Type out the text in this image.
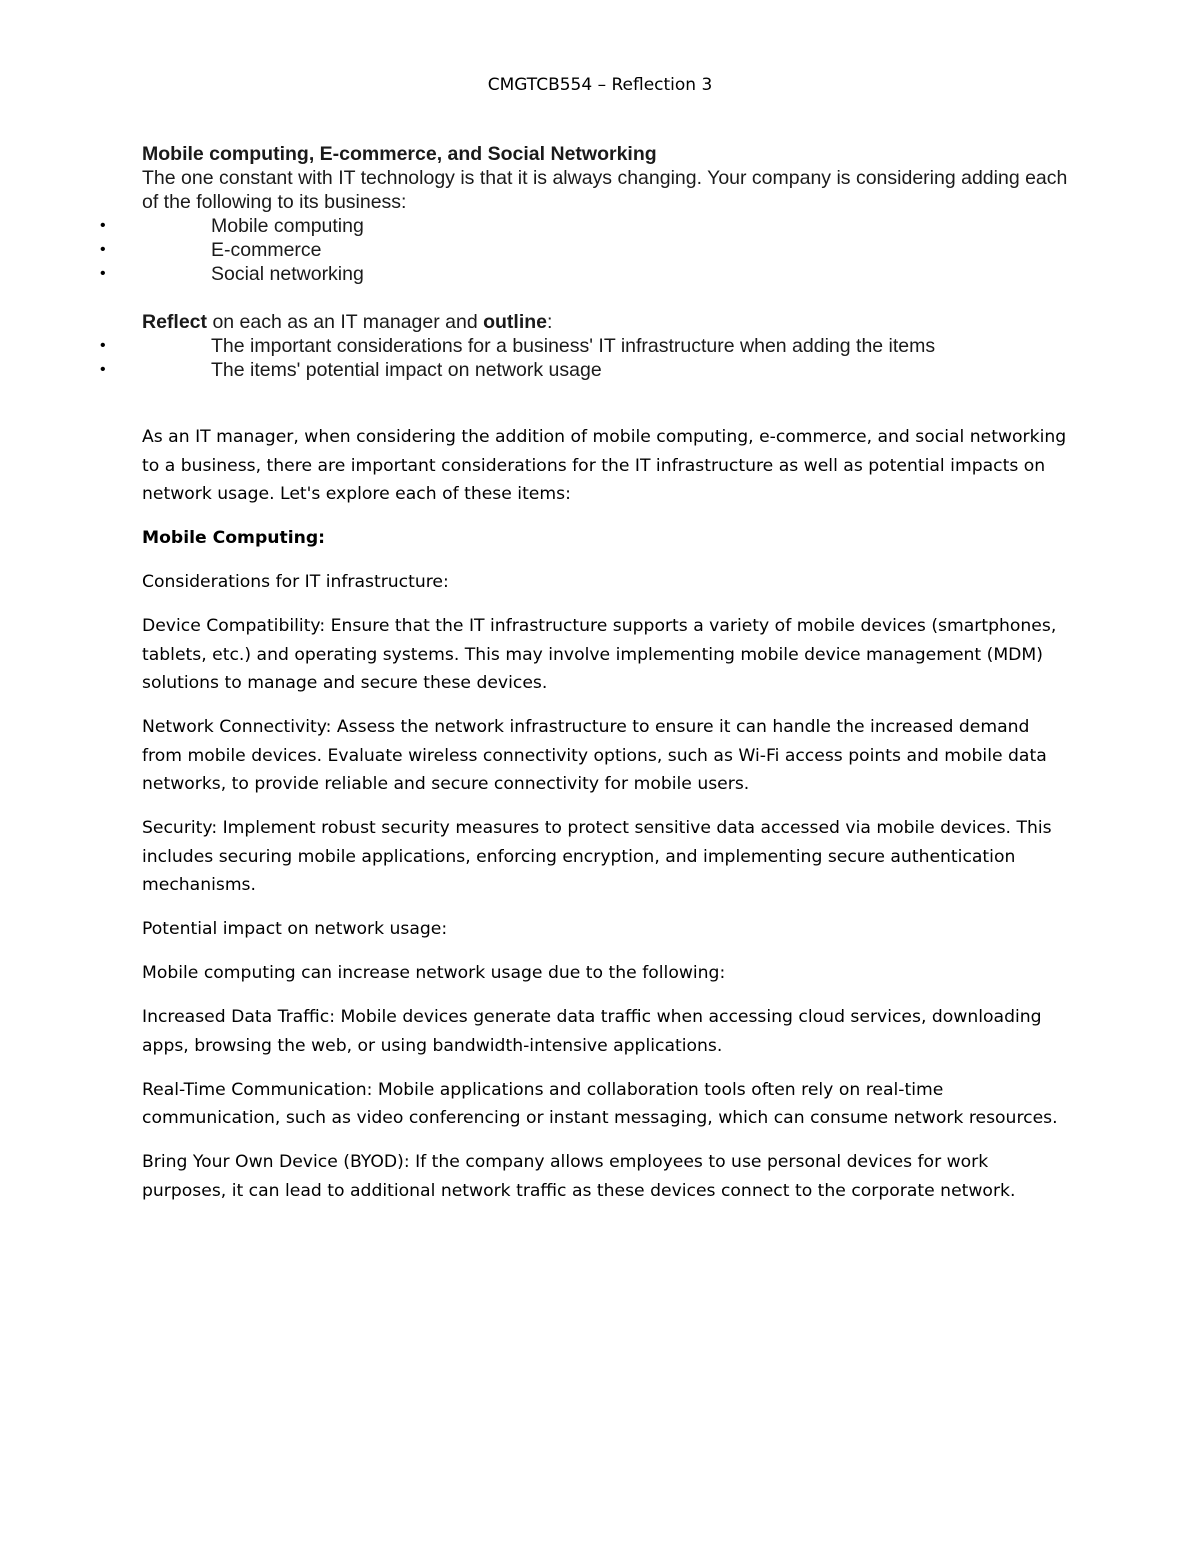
CMGTCB554 – Reflection 3

Mobile computing, E-commerce, and Social Networking

The one constant with IT technology is that it is always changing. Your company is considering adding each of the following to its business:

•	Mobile computing
•	E-commerce
•	Social networking

Reflect on each as an IT manager and outline:

•	The important considerations for a business' IT infrastructure when adding the items
•	The items' potential impact on network usage

As an IT manager, when considering the addition of mobile computing, e-commerce, and social networking to a business, there are important considerations for the IT infrastructure as well as potential impacts on network usage. Let's explore each of these items:

Mobile Computing:

Considerations for IT infrastructure:

Device Compatibility: Ensure that the IT infrastructure supports a variety of mobile devices (smartphones, tablets, etc.) and operating systems. This may involve implementing mobile device management (MDM) solutions to manage and secure these devices.

Network Connectivity: Assess the network infrastructure to ensure it can handle the increased demand from mobile devices. Evaluate wireless connectivity options, such as Wi-Fi access points and mobile data networks, to provide reliable and secure connectivity for mobile users.

Security: Implement robust security measures to protect sensitive data accessed via mobile devices. This includes securing mobile applications, enforcing encryption, and implementing secure authentication mechanisms.

Potential impact on network usage:

Mobile computing can increase network usage due to the following:

Increased Data Traffic: Mobile devices generate data traffic when accessing cloud services, downloading apps, browsing the web, or using bandwidth-intensive applications.

Real-Time Communication: Mobile applications and collaboration tools often rely on real-time communication, such as video conferencing or instant messaging, which can consume network resources.

Bring Your Own Device (BYOD): If the company allows employees to use personal devices for work purposes, it can lead to additional network traffic as these devices connect to the corporate network.
